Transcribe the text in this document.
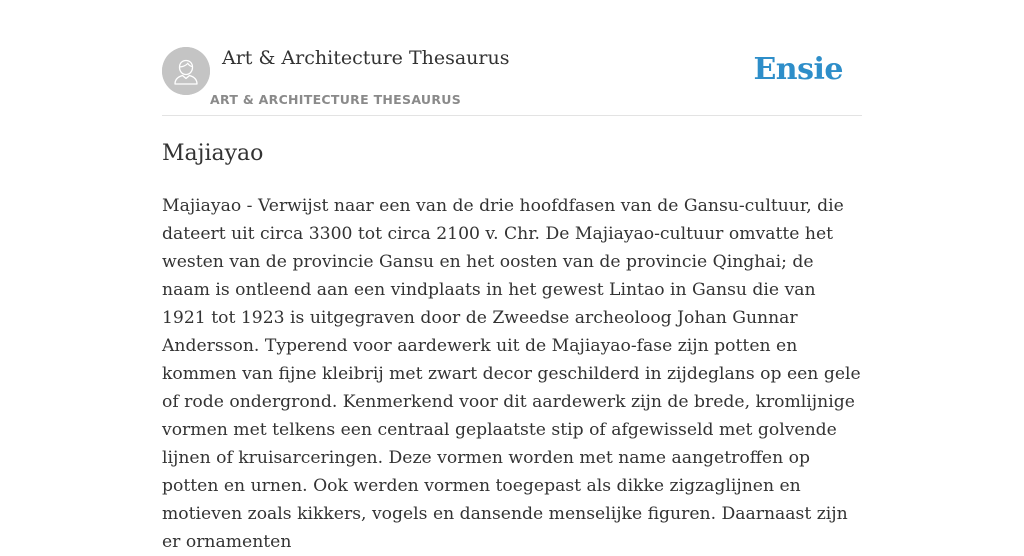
Art & Architecture Thesaurus
ART & ARCHITECTURE THESAURUS
Ensie
Majiayao

Majiayao - Verwijst naar een van de drie hoofdfasen van de Gansu-cultuur, die dateert uit circa 3300 tot circa 2100 v. Chr. De Majiayao-cultuur omvatte het westen van de provincie Gansu en het oosten van de provincie Qinghai; de naam is ontleend aan een vindplaats in het gewest Lintao in Gansu die van 1921 tot 1923 is uitgegraven door de Zweedse archeoloog Johan Gunnar Andersson. Typerend voor aardewerk uit de Majiayao-fase zijn potten en kommen van fijne kleibrij met zwart decor geschilderd in zijdeglans op een gele of rode ondergrond. Kenmerkend voor dit aardewerk zijn de brede, kromlijnige vormen met telkens een centraal geplaatste stip of afgewisseld met golvende lijnen of kruisarceringen. Deze vormen worden met name aangetroffen op potten en urnen. Ook werden vormen toegepast als dikke zigzaglijnen en motieven zoals kikkers, vogels en dansende menselijke figuren. Daarnaast zijn er ornamenten
